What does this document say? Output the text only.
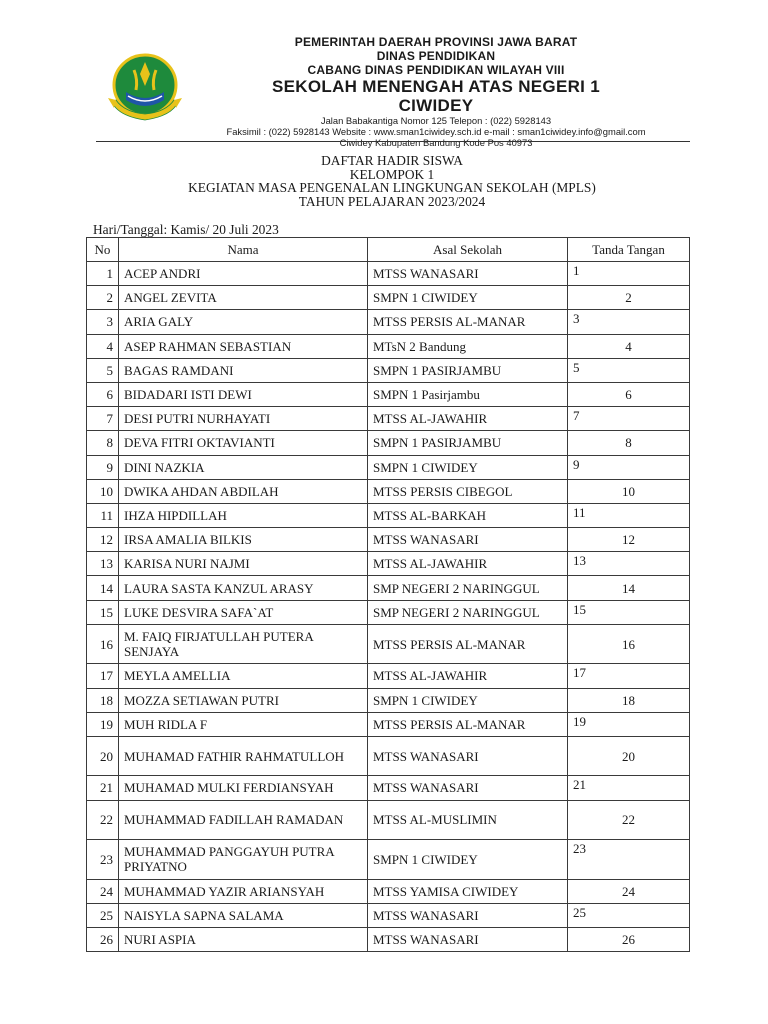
PEMERINTAH DAERAH PROVINSI JAWA BARAT
DINAS PENDIDIKAN
CABANG DINAS PENDIDIKAN WILAYAH VIII
SEKOLAH MENENGAH ATAS NEGERI 1
CIWIDEY
Jalan Babakantiga Nomor 125 Telepon : (022) 5928143
Faksimil : (022) 5928143 Website : www.sman1ciwidey.sch.id e-mail : sman1ciwidey.info@gmail.com
Ciwidey Kabupaten Bandung Kode Pos 40973
DAFTAR HADIR SISWA
KELOMPOK 1
KEGIATAN MASA PENGENALAN LINGKUNGAN SEKOLAH (MPLS)
TAHUN PELAJARAN 2023/2024
Hari/Tanggal: Kamis/ 20 Juli 2023
No	Nama	Asal Sekolah	Tanda Tangan
1	ACEP ANDRI	MTSS WANASARI	1
2	ANGEL ZEVITA	SMPN 1 CIWIDEY	2
3	ARIA GALY	MTSS PERSIS AL-MANAR	3
4	ASEP RAHMAN SEBASTIAN	MTsN 2 Bandung	4
5	BAGAS RAMDANI	SMPN 1 PASIRJAMBU	5
6	BIDADARI ISTI DEWI	SMPN 1 Pasirjambu	6
7	DESI PUTRI NURHAYATI	MTSS AL-JAWAHIR	7
8	DEVA FITRI OKTAVIANTI	SMPN 1 PASIRJAMBU	8
9	DINI NAZKIA	SMPN 1 CIWIDEY	9
10	DWIKA AHDAN ABDILAH	MTSS PERSIS CIBEGOL	10
11	IHZA HIPDILLAH	MTSS AL-BARKAH	11
12	IRSA AMALIA BILKIS	MTSS WANASARI	12
13	KARISA NURI NAJMI	MTSS AL-JAWAHIR	13
14	LAURA SASTA KANZUL ARASY	SMP NEGERI 2 NARINGGUL	14
15	LUKE DESVIRA SAFA`AT	SMP NEGERI 2 NARINGGUL	15
16	M. FAIQ FIRJATULLAH PUTERA SENJAYA	MTSS PERSIS AL-MANAR	16
17	MEYLA AMELLIA	MTSS AL-JAWAHIR	17
18	MOZZA SETIAWAN PUTRI	SMPN 1 CIWIDEY	18
19	MUH RIDLA F	MTSS PERSIS AL-MANAR	19
20	MUHAMAD FATHIR RAHMATULLOH	MTSS WANASARI	20
21	MUHAMAD MULKI FERDIANSYAH	MTSS WANASARI	21
22	MUHAMMAD FADILLAH RAMADAN	MTSS AL-MUSLIMIN	22
23	MUHAMMAD PANGGAYUH PUTRA PRIYATNO	SMPN 1 CIWIDEY	23
24	MUHAMMAD YAZIR ARIANSYAH	MTSS YAMISA CIWIDEY	24
25	NAISYLA SAPNA SALAMA	MTSS WANASARI	25
26	NURI ASPIA	MTSS WANASARI	26
